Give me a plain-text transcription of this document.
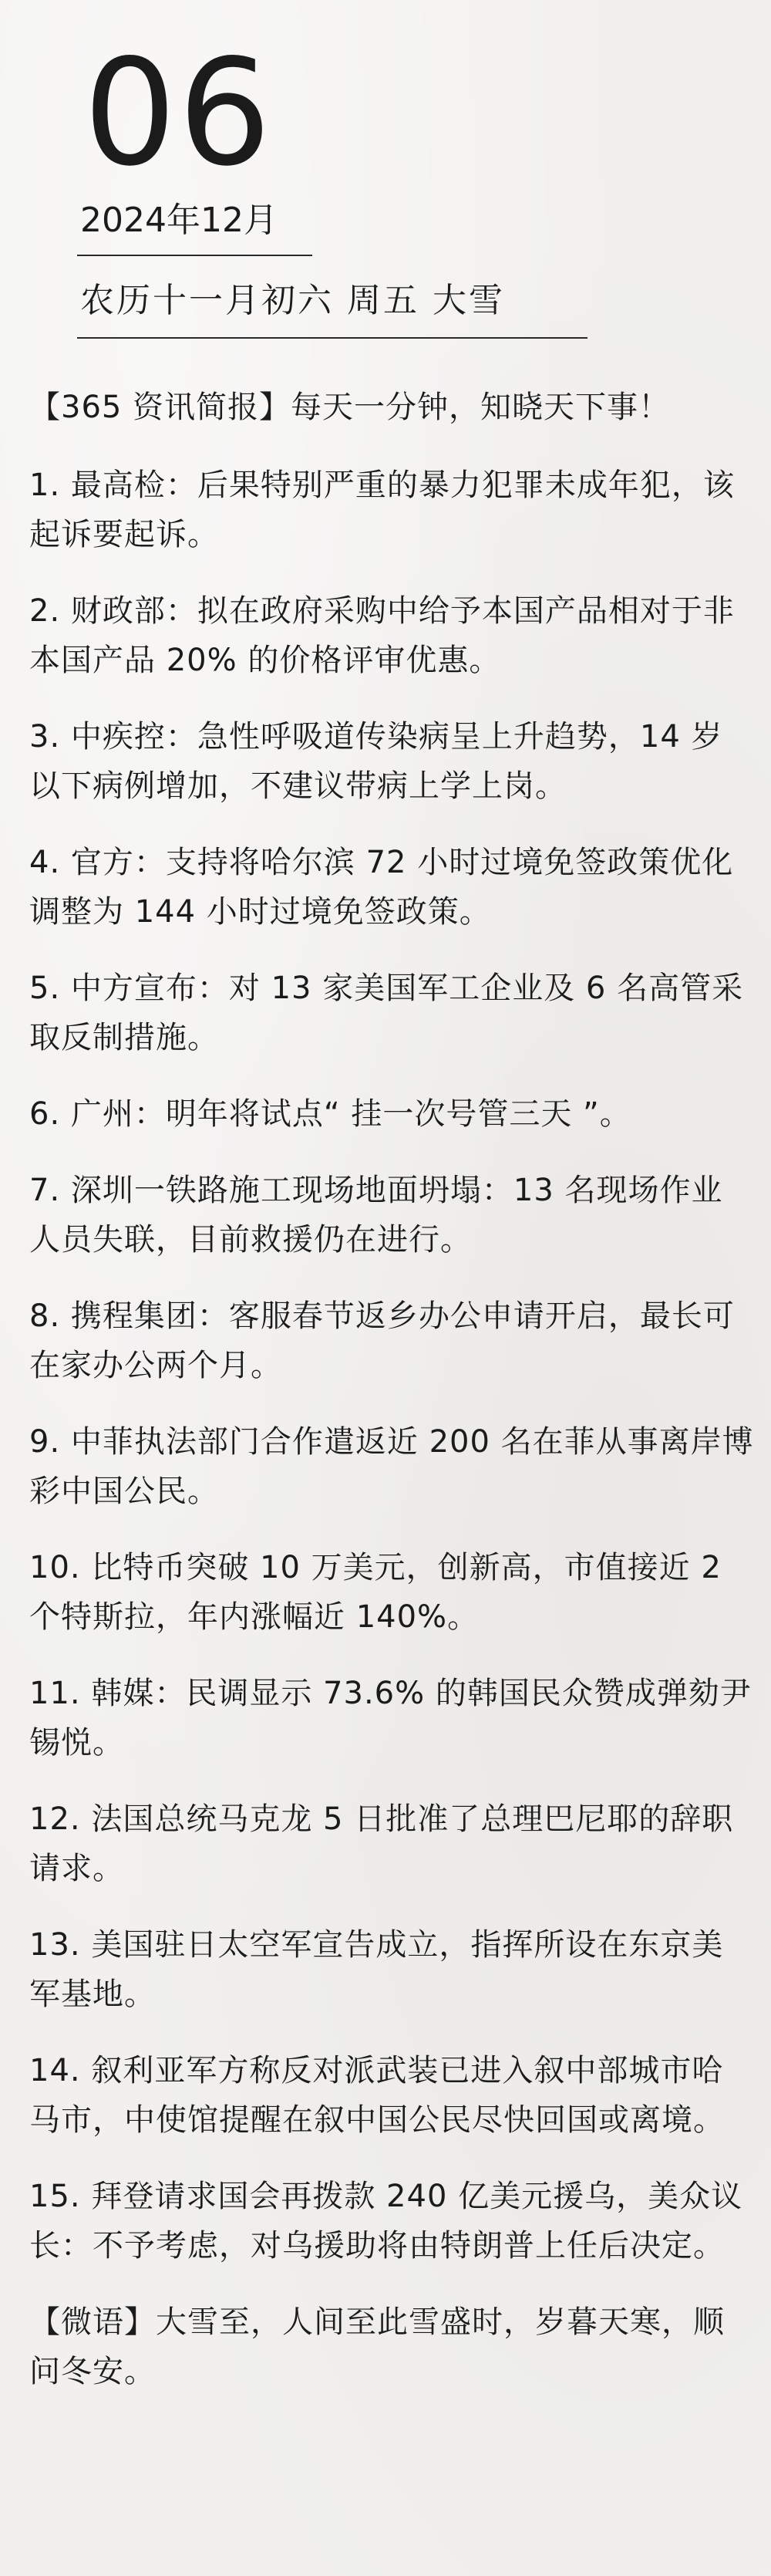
06
2024年12月
农历十一月初六 周五 大雪

【365 资讯简报】每天一分钟，知晓天下事！

1. 最高检：后果特别严重的暴力犯罪未成年犯，该起诉要起诉。

2. 财政部：拟在政府采购中给予本国产品相对于非本国产品 20% 的价格评审优惠。

3. 中疾控：急性呼吸道传染病呈上升趋势，14 岁以下病例增加，不建议带病上学上岗。

4. 官方：支持将哈尔滨 72 小时过境免签政策优化调整为 144 小时过境免签政策。

5. 中方宣布：对 13 家美国军工企业及 6 名高管采取反制措施。

6. 广州：明年将试点“ 挂一次号管三天 ”。

7. 深圳一铁路施工现场地面坍塌：13 名现场作业人员失联，目前救援仍在进行。

8. 携程集团：客服春节返乡办公申请开启，最长可在家办公两个月。

9. 中菲执法部门合作遣返近 200 名在菲从事离岸博彩中国公民。

10. 比特币突破 10 万美元，创新高，市值接近 2 个特斯拉，年内涨幅近 140%。

11. 韩媒：民调显示 73.6% 的韩国民众赞成弹劾尹锡悦。

12. 法国总统马克龙 5 日批准了总理巴尼耶的辞职请求。

13. 美国驻日太空军宣告成立，指挥所设在东京美军基地。

14. 叙利亚军方称反对派武装已进入叙中部城市哈马市，中使馆提醒在叙中国公民尽快回国或离境。

15. 拜登请求国会再拨款 240 亿美元援乌，美众议长：不予考虑，对乌援助将由特朗普上任后决定。

【微语】大雪至，人间至此雪盛时，岁暮天寒，顺问冬安。
